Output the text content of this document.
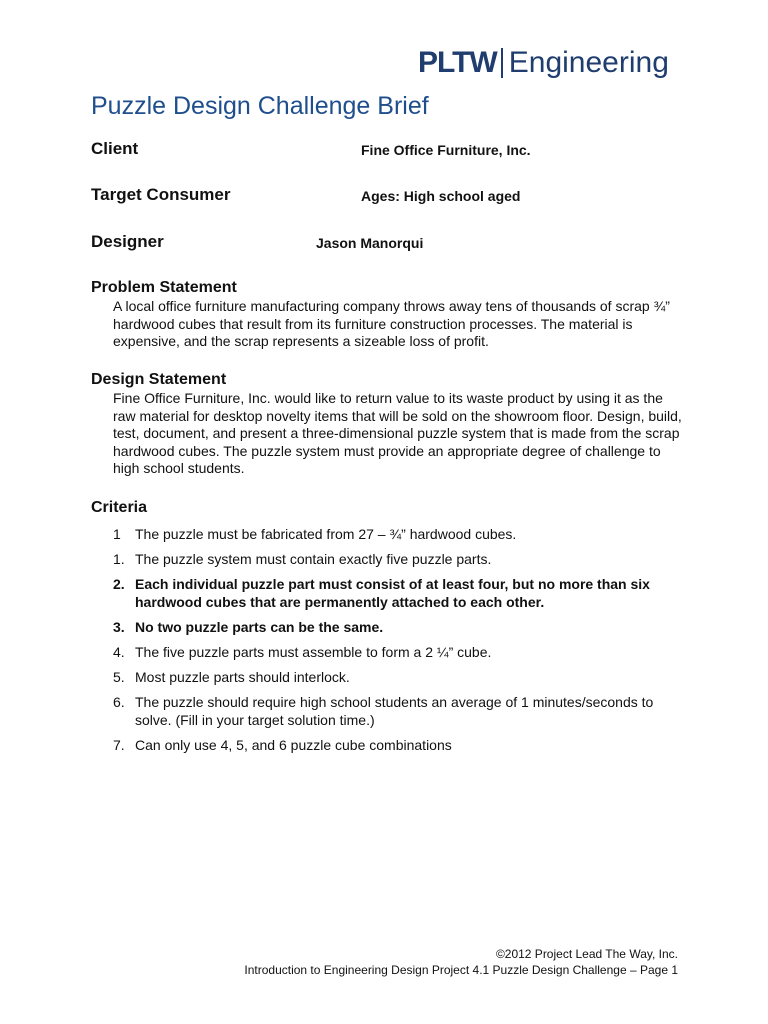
PLTW Engineering
Puzzle Design Challenge Brief
Client	Fine Office Furniture, Inc.
Target Consumer	Ages: High school aged
Designer	Jason Manorqui
Problem Statement
A local office furniture manufacturing company throws away tens of thousands of scrap ¾” hardwood cubes that result from its furniture construction processes. The material is expensive, and the scrap represents a sizeable loss of profit.
Design Statement
Fine Office Furniture, Inc. would like to return value to its waste product by using it as the raw material for desktop novelty items that will be sold on the showroom floor. Design, build, test, document, and present a three-dimensional puzzle system that is made from the scrap hardwood cubes. The puzzle system must provide an appropriate degree of challenge to high school students.
Criteria
1	The puzzle must be fabricated from 27 – ¾” hardwood cubes.
1. The puzzle system must contain exactly five puzzle parts.
2. Each individual puzzle part must consist of at least four, but no more than six hardwood cubes that are permanently attached to each other.
3. No two puzzle parts can be the same.
4. The five puzzle parts must assemble to form a 2 ¼” cube.
5. Most puzzle parts should interlock.
6. The puzzle should require high school students an average of 1 minutes/seconds to solve. (Fill in your target solution time.)
7. Can only use 4, 5, and 6 puzzle cube combinations
©2012 Project Lead The Way, Inc.
Introduction to Engineering Design Project 4.1 Puzzle Design Challenge – Page 1
